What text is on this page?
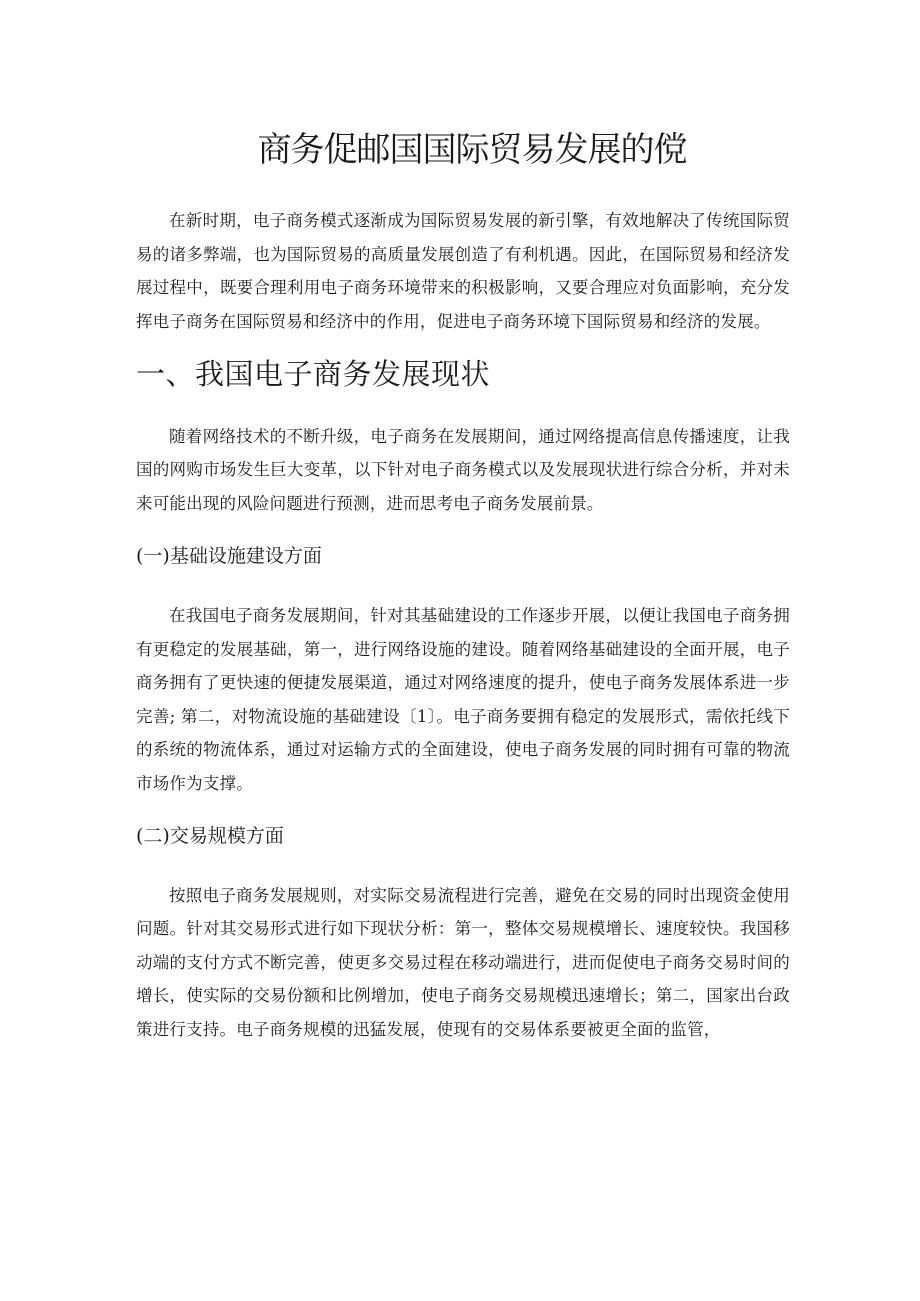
商务促邮国国际贸易发展的傥

在新时期，电子商务模式逐渐成为国际贸易发展的新引擎，有效地解决了传统国际贸易的诸多弊端，也为国际贸易的高质量发展创造了有利机遇。因此，在国际贸易和经济发展过程中，既要合理利用电子商务环境带来的积极影响，又要合理应对负面影响，充分发挥电子商务在国际贸易和经济中的作用，促进电子商务环境下国际贸易和经济的发展。

一、我国电子商务发展现状

随着网络技术的不断升级，电子商务在发展期间，通过网络提高信息传播速度，让我国的网购市场发生巨大变革，以下针对电子商务模式以及发展现状进行综合分析，并对未来可能出现的风险问题进行预测，进而思考电子商务发展前景。

(一)基础设施建设方面

在我国电子商务发展期间，针对其基础建设的工作逐步开展，以便让我国电子商务拥有更稳定的发展基础，第一，进行网络设施的建设。随着网络基础建设的全面开展，电子商务拥有了更快速的便捷发展渠道，通过对网络速度的提升，使电子商务发展体系进一步完善; 第二，对物流设施的基础建设〔1〕。电子商务要拥有稳定的发展形式，需依托线下的系统的物流体系，通过对运输方式的全面建设，使电子商务发展的同时拥有可靠的物流市场作为支撑。

(二)交易规模方面

按照电子商务发展规则，对实际交易流程进行完善，避免在交易的同时出现资金使用问题。针对其交易形式进行如下现状分析：第一，整体交易规模增长、速度较快。我国移动端的支付方式不断完善，使更多交易过程在移动端进行，进而促使电子商务交易时间的增长，使实际的交易份额和比例增加，使电子商务交易规模迅速增长；第二，国家出台政策进行支持。电子商务规模的迅猛发展，使现有的交易体系要被更全面的监管，
